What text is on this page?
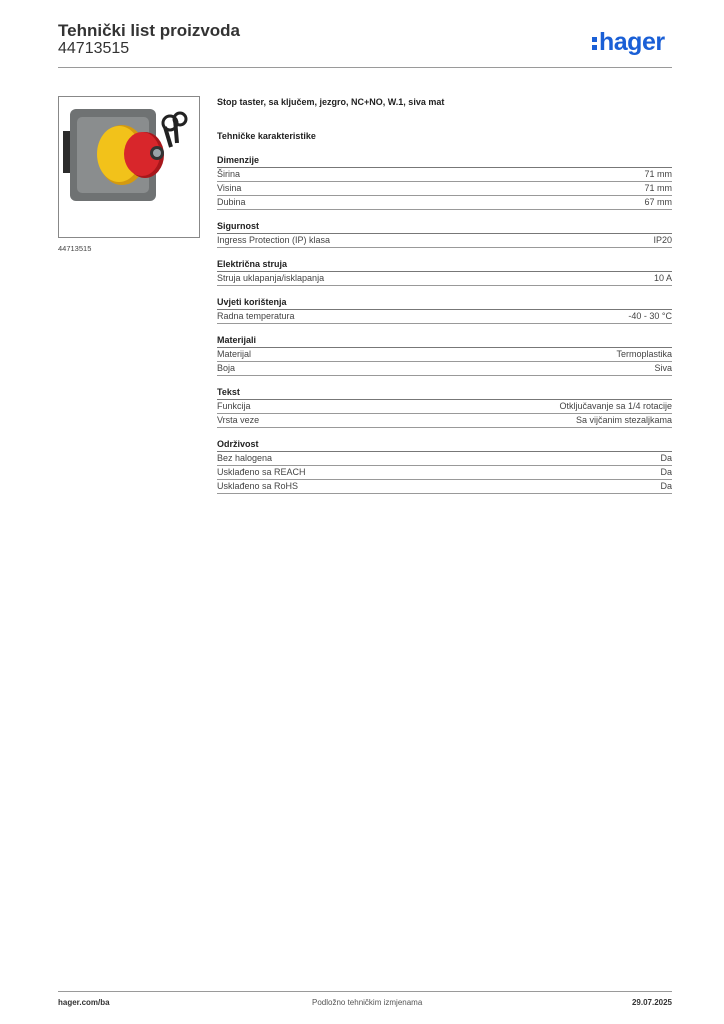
Tehnički list proizvoda
44713515	hager
44713515
Stop taster, sa ključem, jezgro, NC+NO, W.1, siva mat
Tehničke karakteristike
Dimenzije
Širina	71 mm
Visina	71 mm
Dubina	67 mm
Sigurnost
Ingress Protection (IP) klasa	IP20
Električna struja
Struja uklapanja/isklapanja	10 A
Uvjeti korištenja
Radna temperatura	-40 - 30 °C
Materijali
Materijal	Termoplastika
Boja	Siva
Tekst
Funkcija	Otključavanje sa 1/4 rotacije
Vrsta veze	Sa vijčanim stezaljkama
Održivost
Bez halogena	Da
Usklađeno sa REACH	Da
Usklađeno sa RoHS	Da
hager.com/ba	Podložno tehničkim izmjenama	29.07.2025
